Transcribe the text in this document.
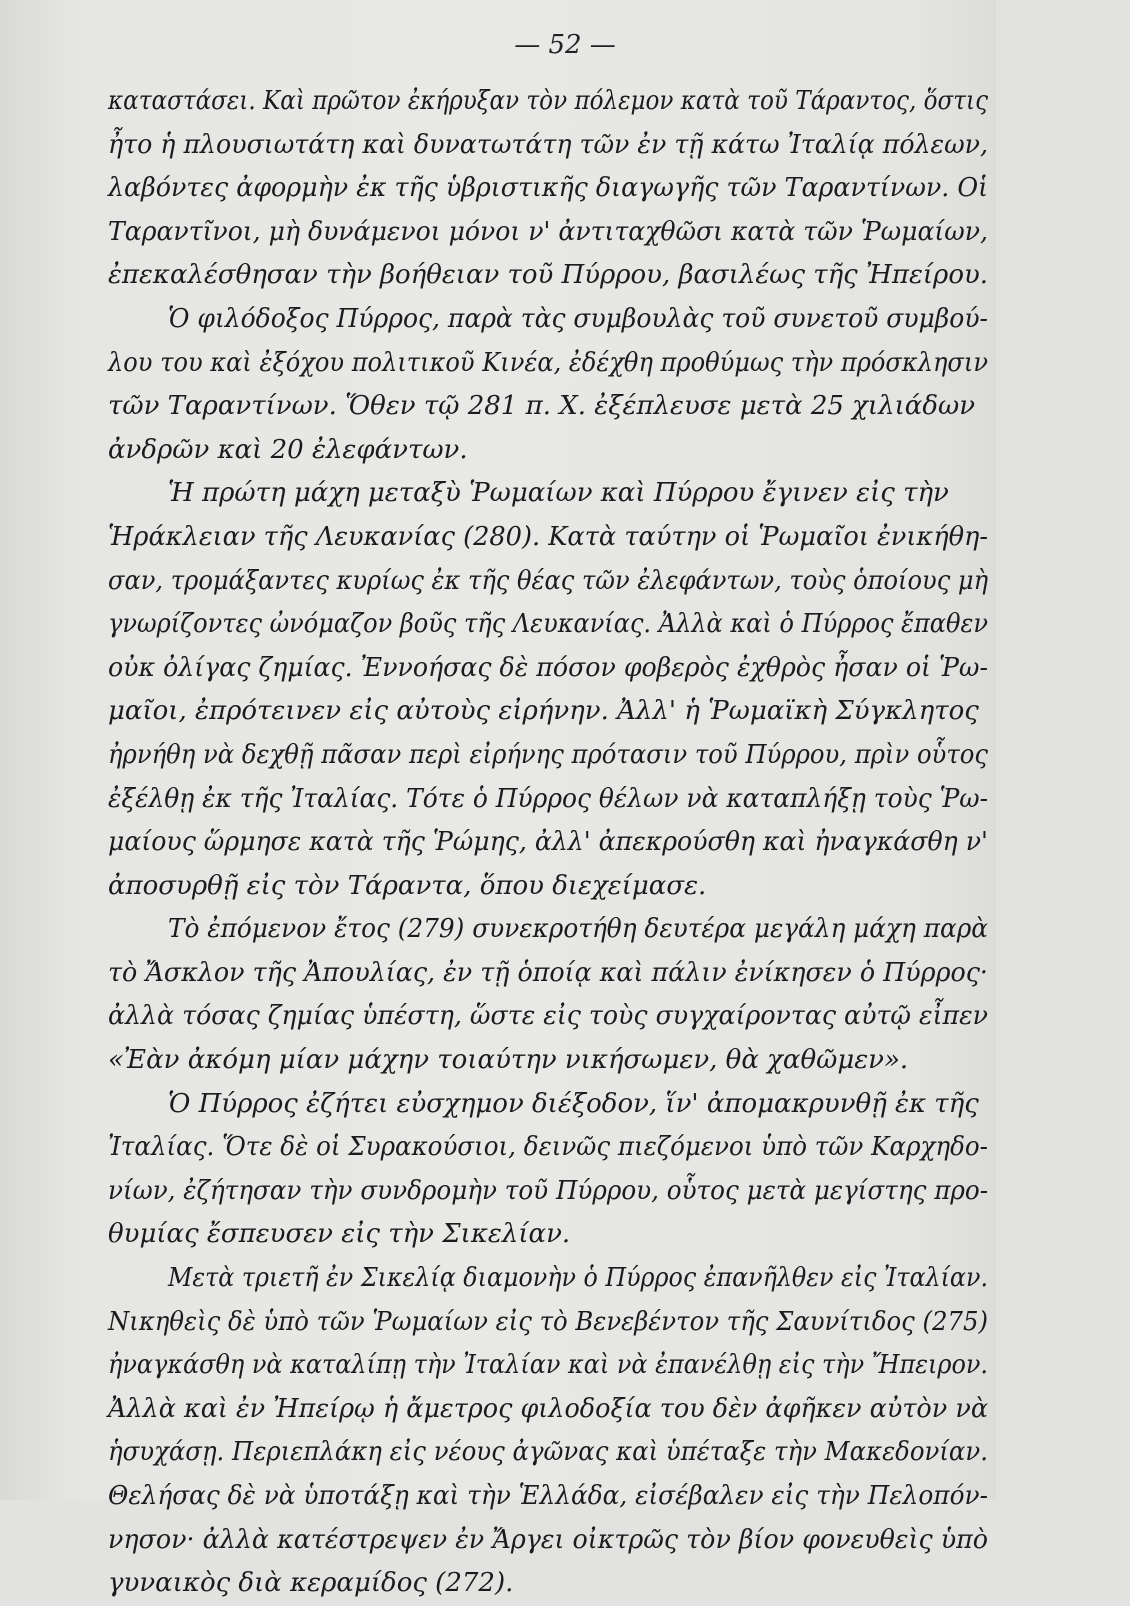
— 52 —
καταστάσει. Καὶ πρῶτον ἐκήρυξαν τὸν πόλεμον κατὰ τοῦ Τάραντος, ὅστις
ἦτο ἡ πλουσιωτάτη καὶ δυνατωτάτη τῶν ἐν τῇ κάτω Ἰταλίᾳ πόλεων,
λαβόντες ἀφορμὴν ἐκ τῆς ὑβριστικῆς διαγωγῆς τῶν Ταραντίνων. Οἱ
Ταραντῖνοι, μὴ δυνάμενοι μόνοι ν' ἀντιταχθῶσι κατὰ τῶν Ῥωμαίων,
ἐπεκαλέσθησαν τὴν βοήθειαν τοῦ Πύρρου, βασιλέως τῆς Ἠπείρου.
Ὁ φιλόδοξος Πύρρος, παρὰ τὰς συμβουλὰς τοῦ συνετοῦ συμβού-
λου του καὶ ἐξόχου πολιτικοῦ Κινέα, ἐδέχθη προθύμως τὴν πρόσκλησιν
τῶν Ταραντίνων. Ὅθεν τῷ 281 π. Χ. ἐξέπλευσε μετὰ 25 χιλιάδων
ἀνδρῶν καὶ 20 ἐλεφάντων.
Ἡ πρώτη μάχη μεταξὺ Ῥωμαίων καὶ Πύρρου ἔγινεν εἰς τὴν
Ἡράκλειαν τῆς Λευκανίας (280). Κατὰ ταύτην οἱ Ῥωμαῖοι ἐνικήθη-
σαν, τρομάξαντες κυρίως ἐκ τῆς θέας τῶν ἐλεφάντων, τοὺς ὁποίους μὴ
γνωρίζοντες ὠνόμαζον βοῦς τῆς Λευκανίας. Ἀλλὰ καὶ ὁ Πύρρος ἔπαθεν
οὐκ ὀλίγας ζημίας. Ἐννοήσας δὲ πόσον φοβερὸς ἐχθρὸς ἦσαν οἱ Ῥω-
μαῖοι, ἐπρότεινεν εἰς αὐτοὺς εἰρήνην. Ἀλλ' ἡ Ῥωμαϊκὴ Σύγκλητος
ἠρνήθη νὰ δεχθῇ πᾶσαν περὶ εἰρήνης πρότασιν τοῦ Πύρρου, πρὶν οὗτος
ἐξέλθῃ ἐκ τῆς Ἰταλίας. Τότε ὁ Πύρρος θέλων νὰ καταπλήξῃ τοὺς Ῥω-
μαίους ὥρμησε κατὰ τῆς Ῥώμης, ἀλλ' ἀπεκρούσθη καὶ ἠναγκάσθη ν'
ἀποσυρθῇ εἰς τὸν Τάραντα, ὅπου διεχείμασε.
Τὸ ἐπόμενον ἔτος (279) συνεκροτήθη δευτέρα μεγάλη μάχη παρὰ
τὸ Ἄσκλον τῆς Ἀπουλίας, ἐν τῇ ὁποίᾳ καὶ πάλιν ἐνίκησεν ὁ Πύρρος·
ἀλλὰ τόσας ζημίας ὑπέστη, ὥστε εἰς τοὺς συγχαίροντας αὐτῷ εἶπεν
«Ἐὰν ἀκόμη μίαν μάχην τοιαύτην νικήσωμεν, θὰ χαθῶμεν».
Ὁ Πύρρος ἐζήτει εὐσχημον διέξοδον, ἵν' ἀπομακρυνθῇ ἐκ τῆς
Ἰταλίας. Ὅτε δὲ οἱ Συρακούσιοι, δεινῶς πιεζόμενοι ὑπὸ τῶν Καρχηδο-
νίων, ἐζήτησαν τὴν συνδρομὴν τοῦ Πύρρου, οὗτος μετὰ μεγίστης προ-
θυμίας ἔσπευσεν εἰς τὴν Σικελίαν.
Μετὰ τριετῆ ἐν Σικελίᾳ διαμονὴν ὁ Πύρρος ἐπανῆλθεν εἰς Ἰταλίαν.
Νικηθεὶς δὲ ὑπὸ τῶν Ῥωμαίων εἰς τὸ Βενεβέντον τῆς Σαυνίτιδος (275)
ἠναγκάσθη νὰ καταλίπῃ τὴν Ἰταλίαν καὶ νὰ ἐπανέλθῃ εἰς τὴν Ἤπειρον.
Ἀλλὰ καὶ ἐν Ἠπείρῳ ἡ ἄμετρος φιλοδοξία του δὲν ἀφῆκεν αὐτὸν νὰ
ἡσυχάσῃ. Περιεπλάκη εἰς νέους ἀγῶνας καὶ ὑπέταξε τὴν Μακεδονίαν.
Θελήσας δὲ νὰ ὑποτάξῃ καὶ τὴν Ἑλλάδα, εἰσέβαλεν εἰς τὴν Πελοπόν-
νησον· ἀλλὰ κατέστρεψεν ἐν Ἄργει οἰκτρῶς τὸν βίον φονευθεὶς ὑπὸ
γυναικὸς διὰ κεραμίδος (272).
